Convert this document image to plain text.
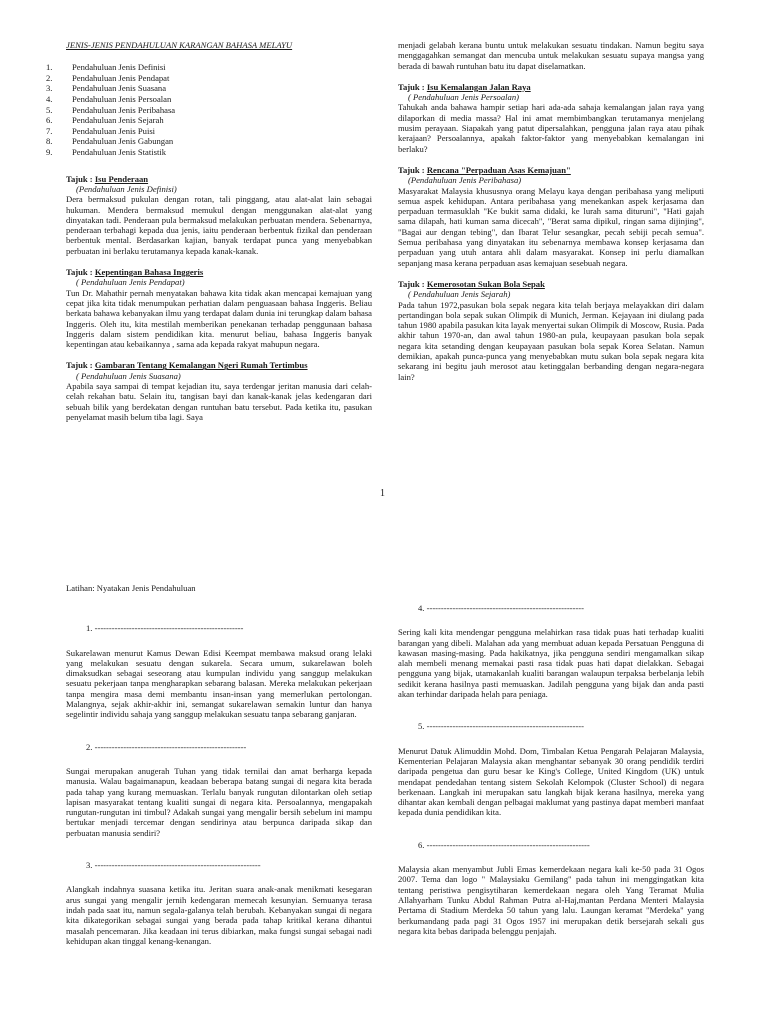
JENIS-JENIS PENDAHULUAN KARANGAN BAHASA MELAYU

1.	Pendahuluan Jenis Definisi
2.	Pendahuluan Jenis Pendapat
3.	Pendahuluan Jenis Suasana
4.	Pendahuluan Jenis Persoalan
5.	Pendahuluan Jenis Peribahasa
6.	Pendahuluan Jenis Sejarah
7.	Pendahuluan Jenis Puisi
8.	Pendahuluan Jenis Gabungan
9.	Pendahuluan Jenis Statistik

Tajuk : Isu Penderaan

(Pendahuluan Jenis Definisi)

Dera bermaksud pukulan dengan rotan, tali pinggang, atau alat-alat lain sebagai hukuman. Mendera bermaksud memukul dengan menggunakan alat-alat yang dinyatakan tadi. Penderaan pula bermaksud melakukan perbuatan mendera. Sebenarnya, penderaan terbahagi kepada dua jenis, iaitu penderaan berbentuk fizikal dan penderaan berbentuk mental. Berdasarkan kajian, banyak terdapat punca yang menyebabkan perbuatan ini berlaku terutamanya kepada kanak-kanak.

Tajuk : Kepentingan Bahasa Inggeris

( Pendahuluan Jenis Pendapat)

Tun Dr. Mahathir pernah menyatakan bahawa kita tidak akan mencapai kemajuan yang cepat jika kita tidak menumpukan perhatian dalam penguasaan bahasa Inggeris. Beliau berkata bahawa kebanyakan ilmu yang terdapat dalam dunia ini terungkap dalam bahasa Inggeris. Oleh itu, kita mestilah memberikan penekanan terhadap penggunaan bahasa Inggeris dalam sistem pendidikan kita. menurut beliau, bahasa Inggeris banyak kepentingan atau kebaikannya , sama ada kepada rakyat mahupun negara.

Tajuk : Gambaran Tentang Kemalangan Ngeri Rumah Tertimbus

( Pendahuluan Jenis Suasana)

Apabila saya sampai di tempat kejadian itu, saya terdengar jeritan manusia dari celah-celah rekahan batu. Selain itu, tangisan bayi dan kanak-kanak jelas kedengaran dari sebuah bilik yang berdekatan dengan runtuhan batu tersebut. Pada ketika itu, pasukan penyelamat masih belum tiba lagi. Saya

menjadi gelabah kerana buntu untuk melakukan sesuatu tindakan. Namun begitu saya menggagahkan semangat dan mencuba untuk melakukan sesuatu supaya mangsa yang berada di bawah runtuhan batu itu dapat diselamatkan.

Tajuk : Isu Kemalangan Jalan Raya

( Pendahuluan Jenis Persoalan)

Tahukah anda bahawa hampir setiap hari ada-ada sahaja kemalangan jalan raya yang dilaporkan di media massa? Hal ini amat membimbangkan terutamanya menjelang musim perayaan. Siapakah yang patut dipersalahkan, pengguna jalan raya atau pihak kerajaan? Persoalannya, apakah faktor-faktor yang menyebabkan kemalangan ini berlaku?

Tajuk : Rencana "Perpaduan Asas Kemajuan"

(Pendahuluan Jenis Peribahasa)

Masyarakat Malaysia khususnya orang Melayu kaya dengan peribahasa yang meliputi semua aspek kehidupan. Antara peribahasa yang menekankan aspek kerjasama dan perpaduan termasuklah "Ke bukit sama didaki, ke lurah sama dituruni", "Hati gajah sama dilapah, hati kuman sama dicecah", "Berat sama dipikul, ringan sama dijinjing", "Bagai aur dengan tebing", dan Ibarat Telur sesangkar, pecah sebiji pecah semua". Semua peribahasa yang dinyatakan itu sebenarnya membawa konsep kerjasama dan perpaduan yang utuh antara ahli dalam masyarakat. Konsep ini perlu diamalkan sepanjang masa kerana perpaduan asas kemajuan sesebuah negara.

Tajuk : Kemerosotan Sukan Bola Sepak

( Pendahuluan Jenis Sejarah)

Pada tahun 1972,pasukan bola sepak negara kita telah berjaya melayakkan diri dalam pertandingan bola sepak sukan Olimpik di Munich, Jerman. Kejayaan ini diulang pada tahun 1980 apabila pasukan kita layak menyertai sukan Olimpik di Moscow, Rusia. Pada akhir tahun 1970-an, dan awal tahun 1980-an pula, keupayaan pasukan bola sepak negara kita setanding dengan keupayaan pasukan bola sepak Korea Selatan. Namun demikian, apakah punca-punca yang menyebabkan mutu sukan bola sepak negara kita sekarang ini begitu jauh merosot atau ketinggalan berbanding dengan negara-negara lain?

1

Latihan: Nyatakan Jenis Pendahuluan

1. ----------------------------------------------------

Sukarelawan menurut Kamus Dewan Edisi Keempat membawa maksud orang lelaki yang melakukan sesuatu dengan sukarela. Secara umum, sukarelawan boleh dimaksudkan sebagai seseorang atau kumpulan individu yang sanggup melakukan sesuatu pekerjaan tanpa mengharapkan sebarang balasan. Mereka melakukan pekerjaan tanpa mengira masa demi membantu insan-insan yang memerlukan pertolongan. Malangnya, sejak akhir-akhir ini, semangat sukarelawan semakin luntur dan hanya segelintir individu sahaja yang sanggup melakukan sesuatu tanpa sebarang ganjaran.

2. -----------------------------------------------------

Sungai merupakan anugerah Tuhan yang tidak ternilai dan amat berharga kepada manusia. Walau bagaimanapun, keadaan beberapa batang sungai di negara kita berada pada tahap yang kurang memuaskan. Terlalu banyak rungutan dilontarkan oleh setiap lapisan masyarakat tentang kualiti sungai di negara kita. Persoalannya, mengapakah rungutan-rungutan ini timbul? Adakah sungai yang mengalir bersih sebelum ini mampu bertukar menjadi tercemar dengan sendirinya atau berpunca daripada sikap dan perbuatan manusia sendiri?

3. ----------------------------------------------------------

Alangkah indahnya suasana ketika itu. Jeritan suara anak-anak menikmati kesegaran arus sungai yang mengalir jernih kedengaran memecah kesunyian. Semuanya terasa indah pada saat itu, namun segala-galanya telah berubah. Kebanyakan sungai di negara kita dikategorikan sebagai sungai yang berada pada tahap kritikal kerana dihantui masalah pencemaran. Jika keadaan ini terus dibiarkan, maka fungsi sungai sebagai nadi kehidupan akan tinggal kenang-kenangan.

4. -------------------------------------------------------

Sering kali kita mendengar pengguna melahirkan rasa tidak puas hati terhadap kualiti barangan yang dibeli. Malahan ada yang membuat aduan kepada Persatuan Pengguna di kawasan masing-masing. Pada hakikatnya, jika pengguna sendiri mengamalkan sikap alah membeli menang memakai pasti rasa tidak puas hati dapat dielakkan. Sebagai pengguna yang bijak, utamakanlah kualiti barangan walaupun terpaksa berbelanja lebih sedikit kerana hasilnya pasti memuaskan. Jadilah pengguna yang bijak dan anda pasti akan terhindar daripada helah para peniaga.

5. -------------------------------------------------------

Menurut Datuk Alimuddin Mohd. Dom, Timbalan Ketua Pengarah Pelajaran Malaysia, Kementerian Pelajaran Malaysia akan menghantar sebanyak 30 orang pendidik terdiri daripada pengetua dan guru besar ke King's College, United Kingdom (UK) untuk mendapat pendedahan tentang sistem Sekolah Kelompok (Cluster School) di negara berkenaan. Langkah ini merupakan satu langkah bijak kerana hasilnya, mereka yang dihantar akan kembali dengan pelbagai maklumat yang pastinya dapat memberi manfaat kepada dunia pendidikan kita.

6. ---------------------------------------------------------

Malaysia akan menyambut Jubli Emas kemerdekaan negara kali ke-50 pada 31 Ogos 2007. Tema dan logo " Malaysiaku Gemilang" pada tahun ini menggingatkan kita tentang peristiwa pengisytiharan kemerdekaan negara oleh Yang Teramat Mulia Allahyarham Tunku Abdul Rahman Putra al-Haj,mantan Perdana Menteri Malaysia Pertama di Stadium Merdeka 50 tahun yang lalu. Laungan keramat "Merdeka" yang berkumandang pada pagi 31 Ogos 1957 ini merupakan detik bersejarah sekali gus negara kita bebas daripada belenggu penjajah.
